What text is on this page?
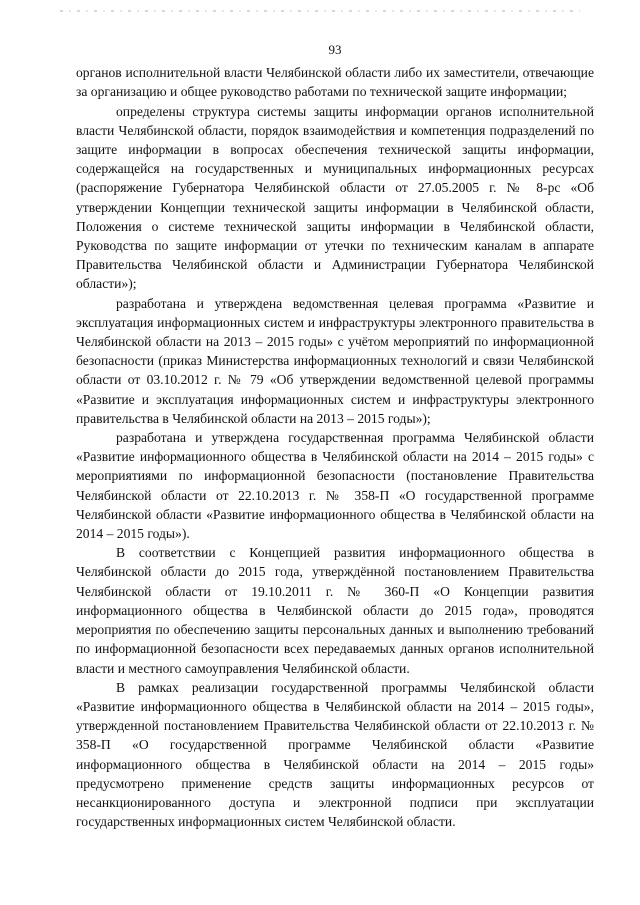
93

органов исполнительной власти Челябинской области либо их заместители, отвечающие за организацию и общее руководство работами по технической защите информации;

определены структура системы защиты информации органов исполнительной власти Челябинской области, порядок взаимодействия и компетенция подразделений по защите информации в вопросах обеспечения технической защиты информации, содержащейся на государственных и муниципальных информационных ресурсах (распоряжение Губернатора Челябинской области от 27.05.2005 г. № 8-рс «Об утверждении Концепции технической защиты информации в Челябинской области, Положения о системе технической защиты информации в Челябинской области, Руководства по защите информации от утечки по техническим каналам в аппарате Правительства Челябинской области и Администрации Губернатора Челябинской области»);

разработана и утверждена ведомственная целевая программа «Развитие и эксплуатация информационных систем и инфраструктуры электронного правительства в Челябинской области на 2013 – 2015 годы» с учётом мероприятий по информационной безопасности (приказ Министерства информационных технологий и связи Челябинской области от 03.10.2012 г. № 79 «Об утверждении ведомственной целевой программы «Развитие и эксплуатация информационных систем и инфраструктуры электронного правительства в Челябинской области на 2013 – 2015 годы»);

разработана и утверждена государственная программа Челябинской области «Развитие информационного общества в Челябинской области на 2014 – 2015 годы» с мероприятиями по информационной безопасности (постановление Правительства Челябинской области от 22.10.2013 г. № 358-П «О государственной программе Челябинской области «Развитие информационного общества в Челябинской области на 2014 – 2015 годы»).

В соответствии с Концепцией развития информационного общества в Челябинской области до 2015 года, утверждённой постановлением Правительства Челябинской области от 19.10.2011 г. № 360-П «О Концепции развития информационного общества в Челябинской области до 2015 года», проводятся мероприятия по обеспечению защиты персональных данных и выполнению требований по информационной безопасности всех передаваемых данных органов исполнительной власти и местного самоуправления Челябинской области.

В рамках реализации государственной программы Челябинской области «Развитие информационного общества в Челябинской области на 2014 – 2015 годы», утвержденной постановлением Правительства Челябинской области от 22.10.2013 г. № 358-П «О государственной программе Челябинской области «Развитие информационного общества в Челябинской области на 2014 – 2015 годы» предусмотрено применение средств защиты информационных ресурсов от несанкционированного доступа и электронной подписи при эксплуатации государственных информационных систем Челябинской области.
